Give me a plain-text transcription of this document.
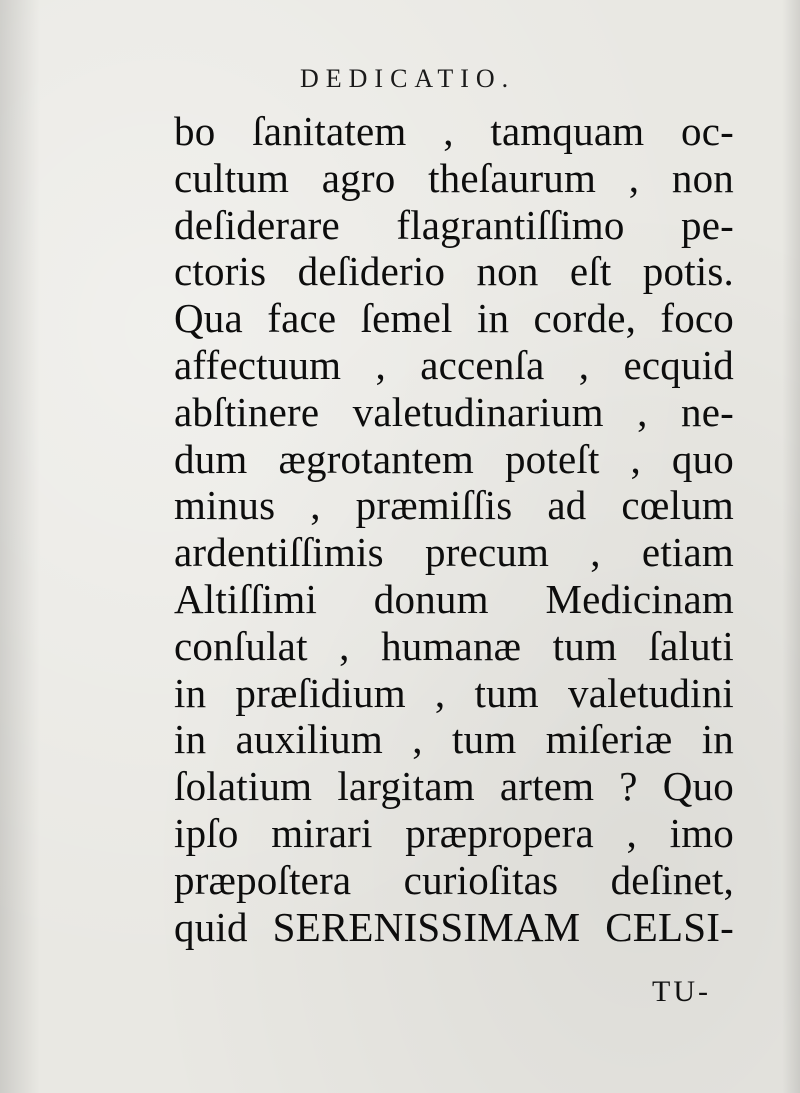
DEDICATIO.
bo ſanitatem , tamquam oc-
cultum agro theſaurum , non
deſiderare flagrantiſſimo pe-
ctoris deſiderio non eſt potis.
Qua face ſemel in corde, foco
affectuum , accenſa , ecquid
abſtinere valetudinarium , ne-
dum ægrotantem poteſt , quo
minus , præmiſſis ad cœlum
ardentiſſimis precum , etiam
Altiſſimi donum Medicinam
conſulat , humanæ tum ſaluti
in præſidium , tum valetudini
in auxilium , tum miſeriæ in
ſolatium largitam artem ? Quo
ipſo mirari præpropera , imo
præpoſtera curioſitas deſinet,
quid SERENISSIMAM CELSI-
TU-
